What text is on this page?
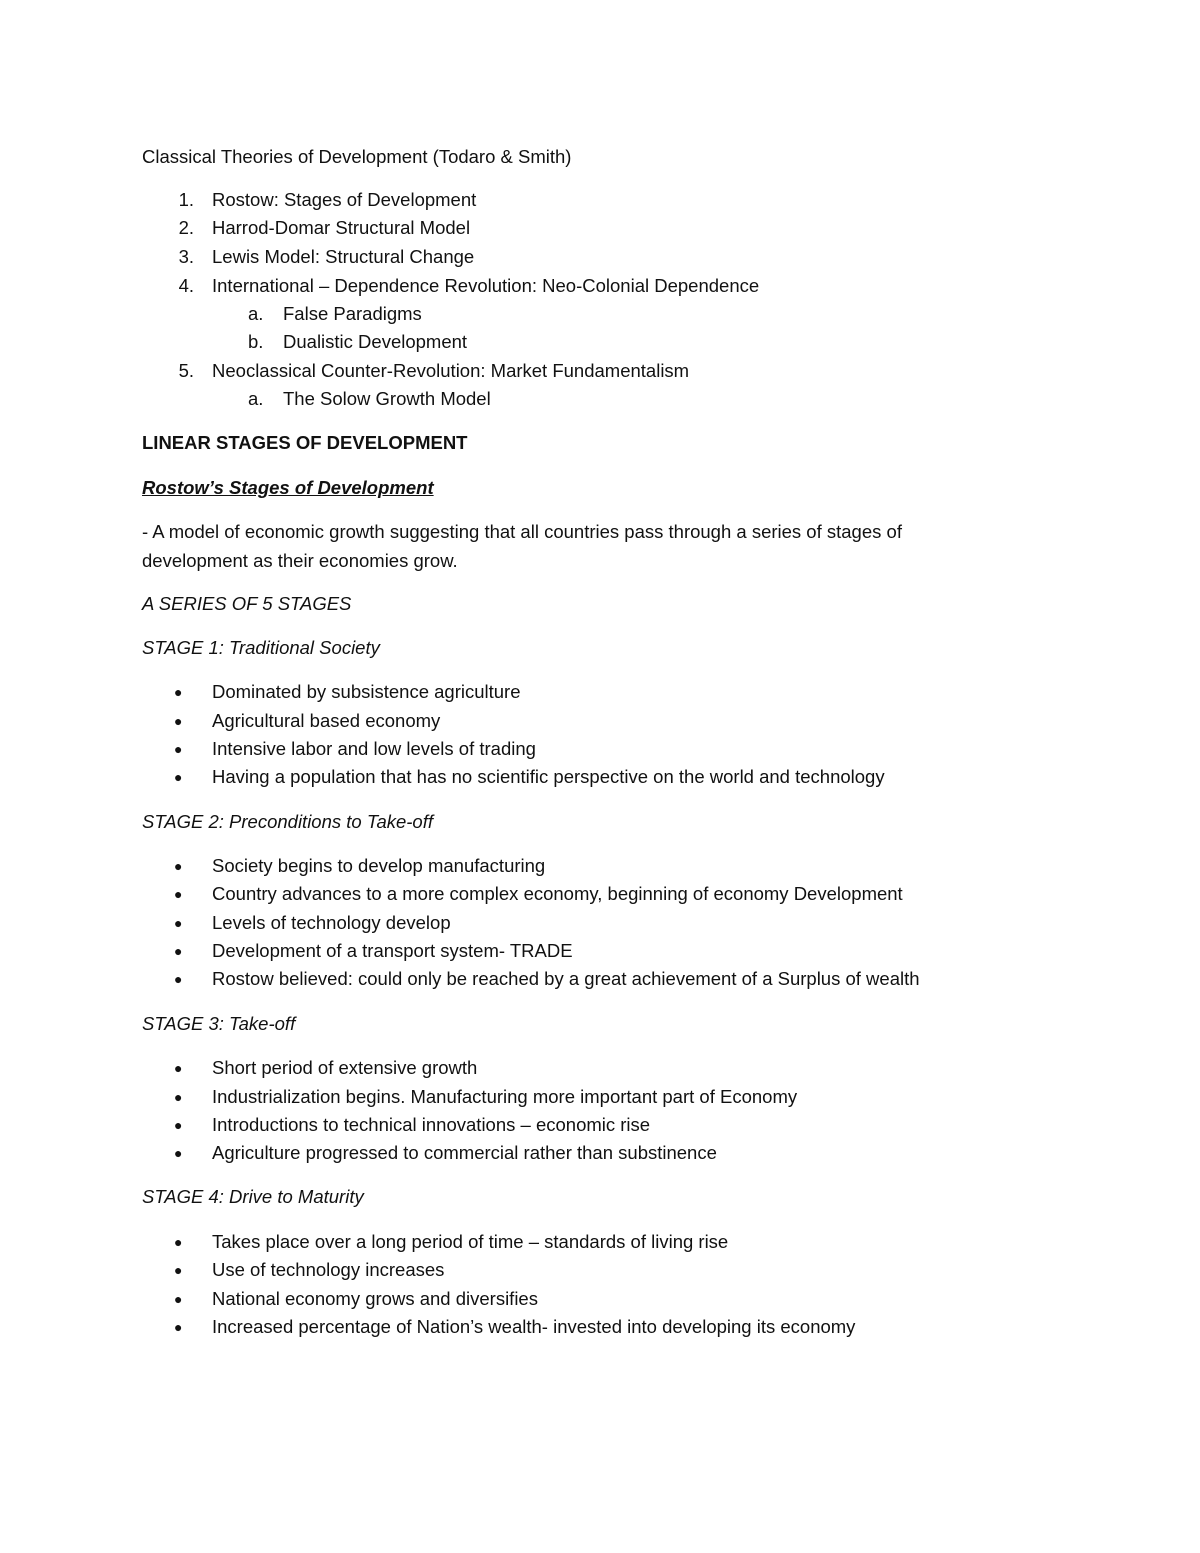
Classical Theories of Development (Todaro & Smith)
1. Rostow: Stages of Development
2. Harrod-Domar Structural Model
3. Lewis Model: Structural Change
4. International – Dependence Revolution: Neo-Colonial Dependence
a. False Paradigms
b. Dualistic Development
5. Neoclassical Counter-Revolution: Market Fundamentalism
a. The Solow Growth Model
LINEAR STAGES OF DEVELOPMENT
Rostow’s Stages of Development
- A model of economic growth suggesting that all countries pass through a series of stages of
development as their economies grow.
A SERIES OF 5 STAGES
STAGE 1: Traditional Society
● Dominated by subsistence agriculture
● Agricultural based economy
● Intensive labor and low levels of trading
● Having a population that has no scientific perspective on the world and technology
STAGE 2: Preconditions to Take-off
● Society begins to develop manufacturing
● Country advances to a more complex economy, beginning of economy Development
● Levels of technology develop
● Development of a transport system- TRADE
● Rostow believed: could only be reached by a great achievement of a Surplus of wealth
STAGE 3: Take-off
● Short period of extensive growth
● Industrialization begins. Manufacturing more important part of Economy
● Introductions to technical innovations – economic rise
● Agriculture progressed to commercial rather than substinence
STAGE 4: Drive to Maturity
● Takes place over a long period of time – standards of living rise
● Use of technology increases
● National economy grows and diversifies
● Increased percentage of Nation’s wealth- invested into developing its economy
